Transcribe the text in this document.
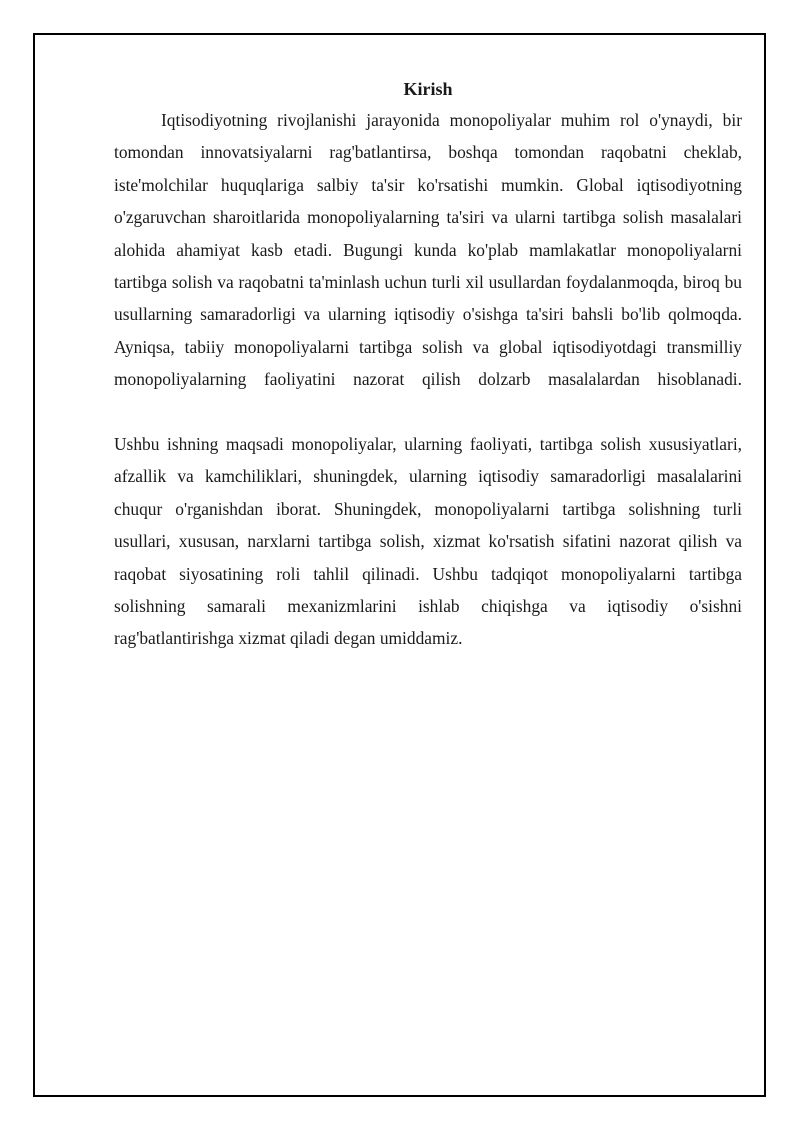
Kirish

Iqtisodiyotning rivojlanishi jarayonida monopoliyalar muhim rol o'ynaydi, bir tomondan innovatsiyalarni rag'batlantirsa, boshqa tomondan raqobatni cheklab, iste'molchilar huquqlariga salbiy ta'sir ko'rsatishi mumkin. Global iqtisodiyotning o'zgaruvchan sharoitlarida monopoliyalarning ta'siri va ularni tartibga solish masalalari alohida ahamiyat kasb etadi. Bugungi kunda ko'plab mamlakatlar monopoliyalarni tartibga solish va raqobatni ta'minlash uchun turli xil usullardan foydalanmoqda, biroq bu usullarning samaradorligi va ularning iqtisodiy o'sishga ta'siri bahsli bo'lib qolmoqda. Ayniqsa, tabiiy monopoliyalarni tartibga solish va global iqtisodiyotdagi transmilliy monopoliyalarning faoliyatini nazorat qilish dolzarb masalalardan hisoblanadi.

Ushbu ishning maqsadi monopoliyalar, ularning faoliyati, tartibga solish xususiyatlari, afzallik va kamchiliklari, shuningdek, ularning iqtisodiy samaradorligi masalalarini chuqur o'rganishdan iborat. Shuningdek, monopoliyalarni tartibga solishning turli usullari, xususan, narxlarni tartibga solish, xizmat ko'rsatish sifatini nazorat qilish va raqobat siyosatining roli tahlil qilinadi. Ushbu tadqiqot monopoliyalarni tartibga solishning samarali mexanizmlarini ishlab chiqishga va iqtisodiy o'sishni rag'batlantirishga xizmat qiladi degan umiddamiz.
